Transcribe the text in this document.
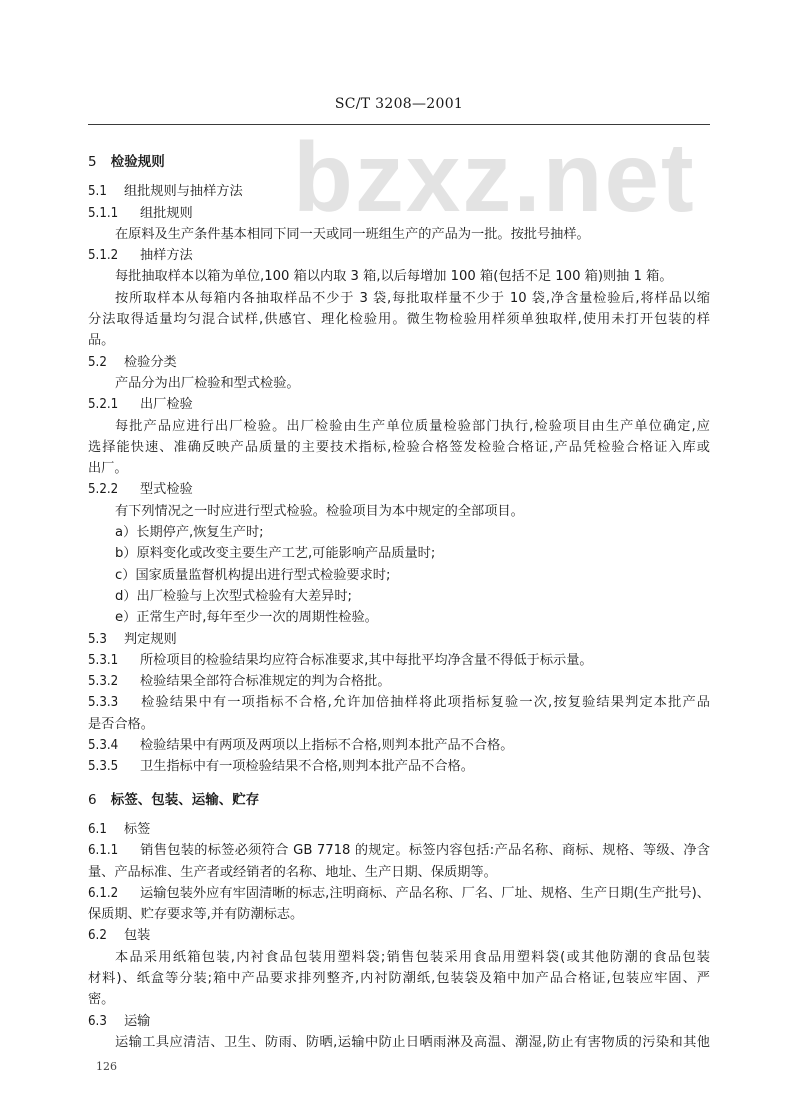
SC/T 3208—2001
bzxz.net
5 检验规则
5.1 组批规则与抽样方法
5.1.1 组批规则
在原料及生产条件基本相同下同一天或同一班组生产的产品为一批。按批号抽样。
5.1.2 抽样方法
每批抽取样本以箱为单位,100 箱以内取 3 箱,以后每增加 100 箱(包括不足 100 箱)则抽 1 箱。
按所取样本从每箱内各抽取样品不少于 3 袋,每批取样量不少于 10 袋,净含量检验后,将样品以缩
分法取得适量均匀混合试样,供感官、理化检验用。微生物检验用样须单独取样,使用未打开包装的样
品。
5.2 检验分类
产品分为出厂检验和型式检验。
5.2.1 出厂检验
每批产品应进行出厂检验。出厂检验由生产单位质量检验部门执行,检验项目由生产单位确定,应
选择能快速、准确反映产品质量的主要技术指标,检验合格签发检验合格证,产品凭检验合格证入库或
出厂。
5.2.2 型式检验
有下列情况之一时应进行型式检验。检验项目为本中规定的全部项目。
a）长期停产,恢复生产时;
b）原料变化或改变主要生产工艺,可能影响产品质量时;
c）国家质量监督机构提出进行型式检验要求时;
d）出厂检验与上次型式检验有大差异时;
e）正常生产时,每年至少一次的周期性检验。
5.3 判定规则
5.3.1 所检项目的检验结果均应符合标准要求,其中每批平均净含量不得低于标示量。
5.3.2 检验结果全部符合标准规定的判为合格批。
5.3.3 检验结果中有一项指标不合格,允许加倍抽样将此项指标复验一次,按复验结果判定本批产品
是否合格。
5.3.4 检验结果中有两项及两项以上指标不合格,则判本批产品不合格。
5.3.5 卫生指标中有一项检验结果不合格,则判本批产品不合格。
6 标签、包装、运输、贮存
6.1 标签
6.1.1 销售包装的标签必须符合 GB 7718 的规定。标签内容包括:产品名称、商标、规格、等级、净含
量、产品标准、生产者或经销者的名称、地址、生产日期、保质期等。
6.1.2 运输包装外应有牢固清晰的标志,注明商标、产品名称、厂名、厂址、规格、生产日期(生产批号)、
保质期、贮存要求等,并有防潮标志。
6.2 包装
本品采用纸箱包装,内衬食品包装用塑料袋;销售包装采用食品用塑料袋(或其他防潮的食品包装
材料)、纸盒等分装;箱中产品要求排列整齐,内衬防潮纸,包装袋及箱中加产品合格证,包装应牢固、严
密。
6.3 运输
运输工具应清洁、卫生、防雨、防晒,运输中防止日晒雨淋及高温、潮湿,防止有害物质的污染和其他
126
